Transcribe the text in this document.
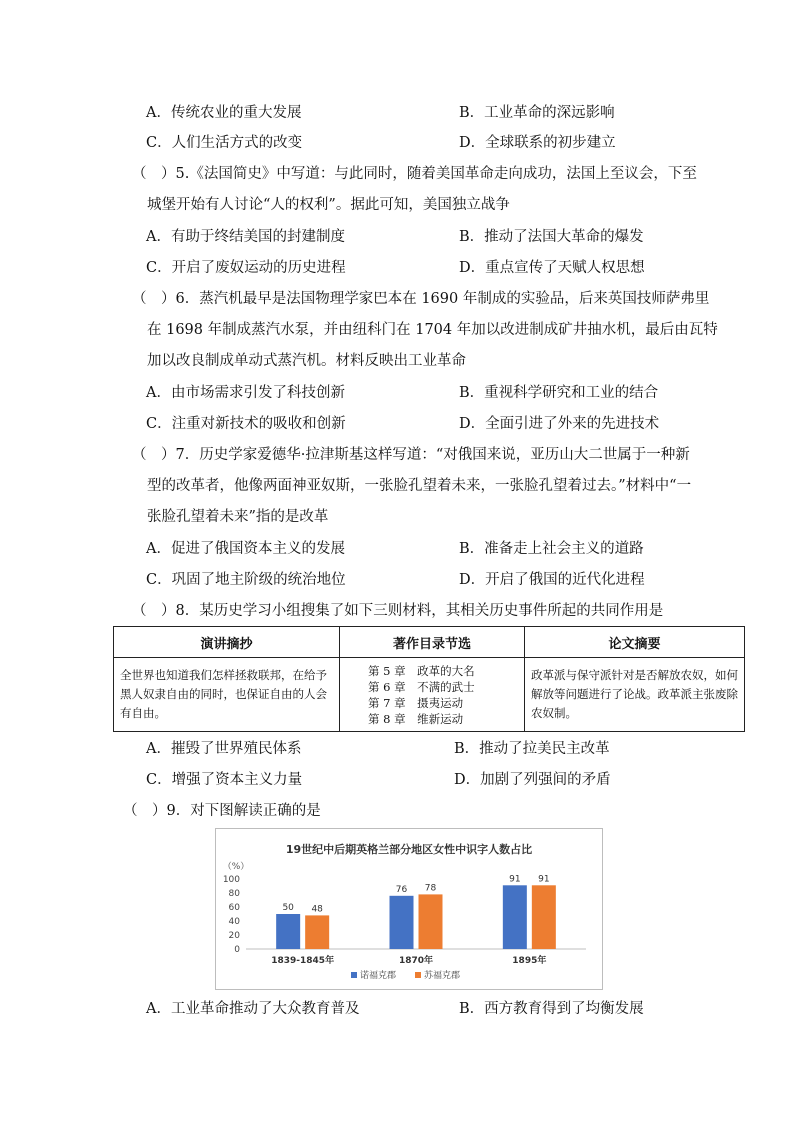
A．传统农业的重大发展	B．工业革命的深远影响
C．人们生活方式的改变	D．全球联系的初步建立
（　）5.《法国简史》中写道：与此同时，随着美国革命走向成功，法国上至议会，下至
城堡开始有人讨论“人的权利”。据此可知，美国独立战争
A．有助于终结美国的封建制度	B．推动了法国大革命的爆发
C．开启了废奴运动的历史进程	D．重点宣传了天赋人权思想
（　）6．蒸汽机最早是法国物理学家巴本在 1690 年制成的实验品，后来英国技师萨弗里
在 1698 年制成蒸汽水泵，并由纽科门在 1704 年加以改进制成矿井抽水机，最后由瓦特
加以改良制成单动式蒸汽机。材料反映出工业革命
A．由市场需求引发了科技创新	B．重视科学研究和工业的结合
C．注重对新技术的吸收和创新	D．全面引进了外来的先进技术
（　）7．历史学家爱德华·拉津斯基这样写道：“对俄国来说，亚历山大二世属于一种新
型的改革者，他像两面神亚奴斯，一张脸孔望着未来，一张脸孔望着过去。”材料中“一
张脸孔望着未来”指的是改革
A．促进了俄国资本主义的发展	B．准备走上社会主义的道路
C．巩固了地主阶级的统治地位	D．开启了俄国的近代化进程
（　）8．某历史学习小组搜集了如下三则材料，其相关历史事件所起的共同作用是
演讲摘抄	著作目录节选	论文摘要
全世界也知道我们怎样拯救联邦，在给予黑人奴隶自由的同时，也保证自由的人会有自由。	第 5 章　政革的大名
第 6 章　不满的武士
第 7 章　摄夷运动
第 8 章　维新运动	政革派与保守派针对是否解放农奴，如何解放等问题进行了论战。政革派主张废除农奴制。
A．摧毁了世界殖民体系	B．推动了拉美民主改革
C．增强了资本主义力量	D．加剧了列强间的矛盾
（　）9．对下图解读正确的是
19世纪中后期英格兰部分地区女性中识字人数占比
（%）
0
20
40
60
80
100
50 48
76 78
91 91
1839-1845年	1870年	1895年
诺福克郡	苏福克郡
A．工业革命推动了大众教育普及	B．西方教育得到了均衡发展
